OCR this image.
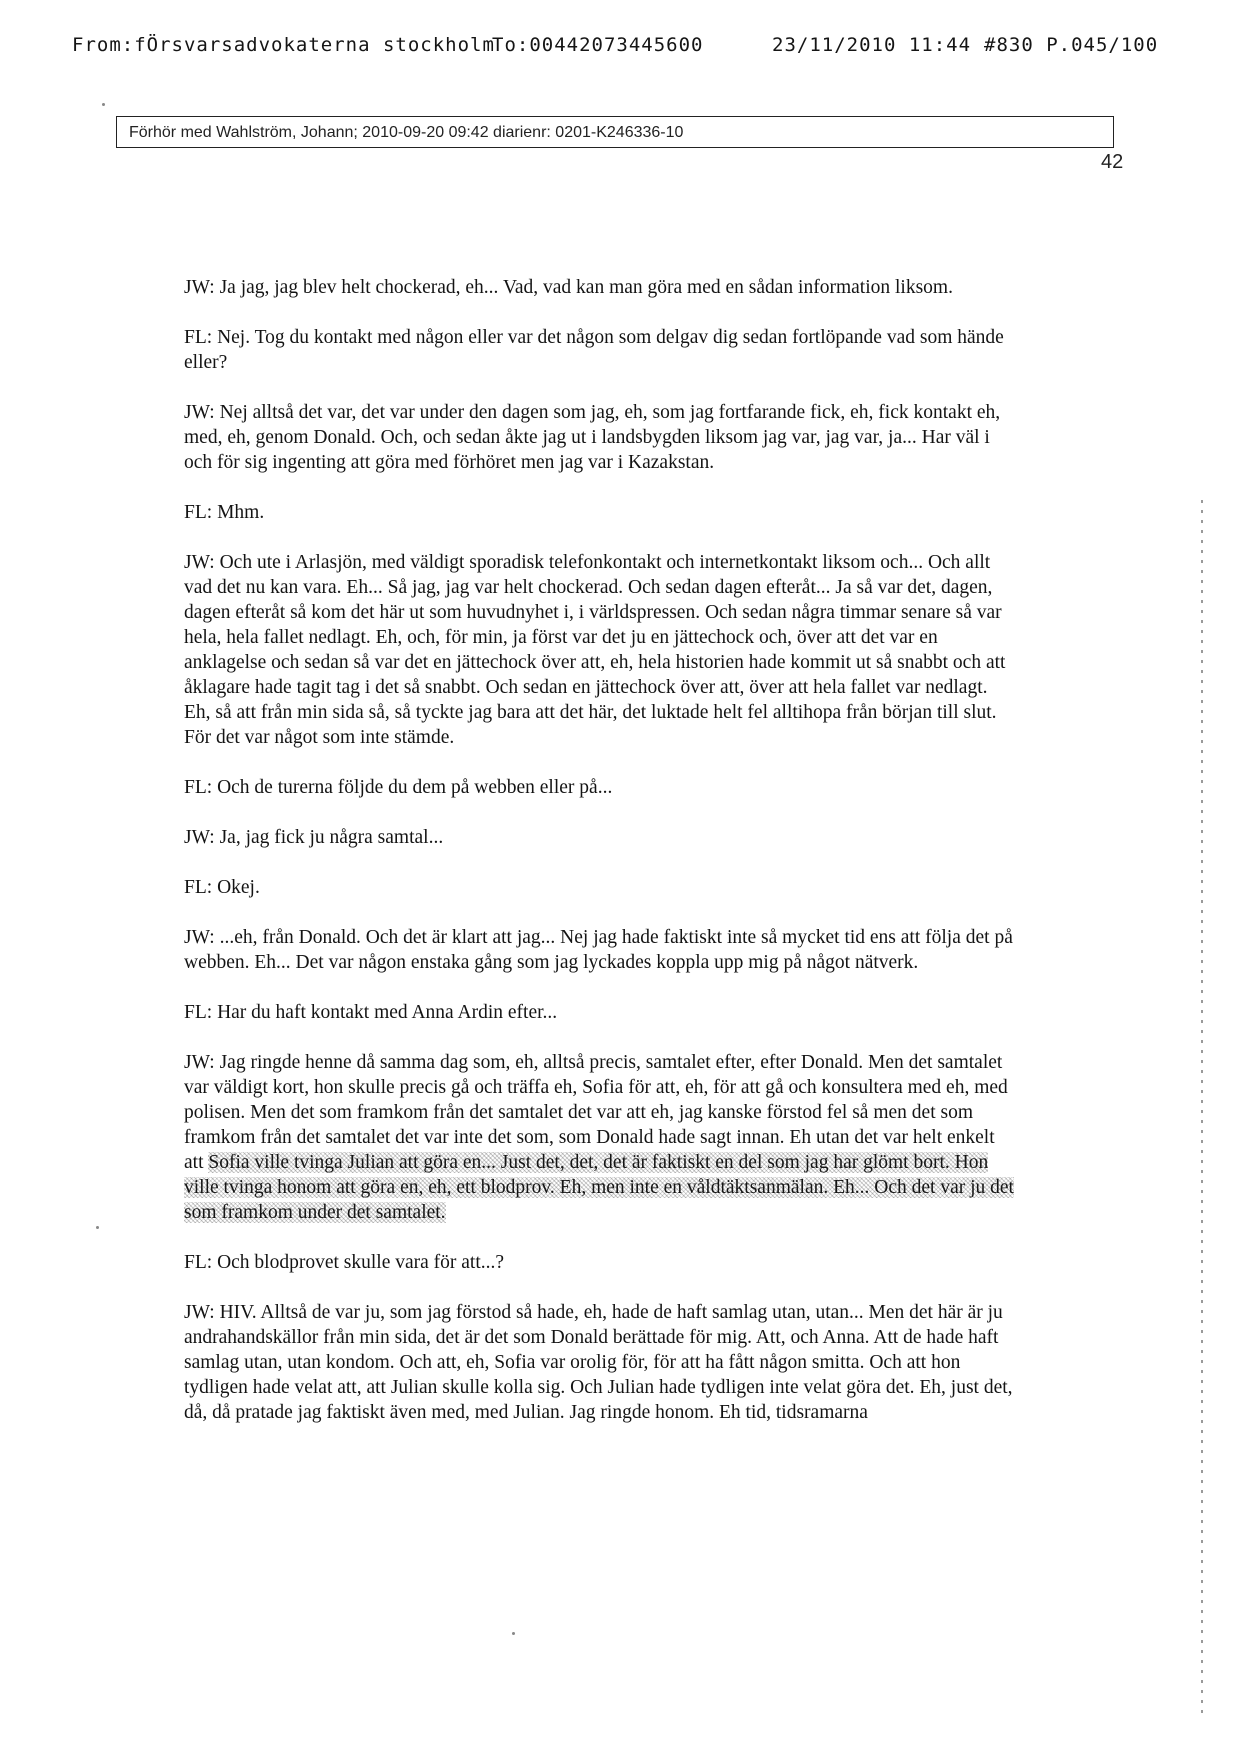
From:fÖrsvarsadvokaterna stockholm
To:00442073445600	23/11/2010 11:44 #830 P.045/100
Förhör med Wahlström, Johann; 2010-09-20 09:42 diarienr: 0201-K246336-10
42

JW : Ja jag, jag blev helt chockerad, eh... Vad, vad kan man göra med en sådan information liksom.

FL : Nej. Tog du kontakt med någon eller var det någon som delgav dig sedan fortlöpande vad som hände eller?

JW : Nej alltså det var, det var under den dagen som jag, eh, som jag fortfarande fick, eh, fick kontakt eh, med, eh, genom Donald. Och, och sedan åkte jag ut i landsbygden liksom jag var, jag var, ja... Har väl i och för sig ingenting att göra med förhöret men jag var i Kazakstan.

FL : Mhm.

JW : Och ute i Arlasjön, med väldigt sporadisk telefonkontakt och internetkontakt liksom och... Och allt vad det nu kan vara. Eh... Så jag, jag var helt chockerad. Och sedan dagen efteråt... Ja så var det, dagen, dagen efteråt så kom det här ut som huvudnyhet i, i världspressen. Och sedan några timmar senare så var hela, hela fallet nedlagt. Eh, och, för min, ja först var det ju en jättechock och, över att det var en anklagelse och sedan så var det en jättechock över att, eh, hela historien hade kommit ut så snabbt och att åklagare hade tagit tag i det så snabbt. Och sedan en jättechock över att, över att hela fallet var nedlagt. Eh, så att från min sida så, så tyckte jag bara att det här, det luktade helt fel alltihopa från början till slut. För det var något som inte stämde.

FL : Och de turerna följde du dem på webben eller på...

JW : Ja, jag fick ju några samtal...

FL : Okej.

JW : ...eh, från Donald. Och det är klart att jag... Nej jag hade faktiskt inte så mycket tid ens att följa det på webben. Eh... Det var någon enstaka gång som jag lyckades koppla upp mig på något nätverk.

FL : Har du haft kontakt med Anna Ardin efter...

JW : Jag ringde henne då samma dag som, eh, alltså precis, samtalet efter, efter Donald. Men det samtalet var väldigt kort, hon skulle precis gå och träffa eh, Sofia för att, eh, för att gå och konsultera med eh, med polisen. Men det som framkom från det samtalet det var att eh, jag kanske förstod fel så men det som framkom från det samtalet det var inte det som, som Donald hade sagt innan. Eh utan det var helt enkelt att Sofia ville tvinga Julian att göra en... Just det, det, det är faktiskt en del som jag har glömt bort. Hon ville tvinga honom att göra en, eh, ett blodprov. Eh, men inte en våldtäktsanmälan. Eh... Och det var ju det som framkom under det samtalet.

FL : Och blodprovet skulle vara för att...?

JW : HIV. Alltså de var ju, som jag förstod så hade, eh, hade de haft samlag utan, utan... Men det här är ju andrahandskällor från min sida, det är det som Donald berättade för mig. Att, och Anna. Att de hade haft samlag utan, utan kondom. Och att, eh, Sofia var orolig för, för att ha fått någon smitta. Och att hon tydligen hade velat att, att Julian skulle kolla sig. Och Julian hade tydligen inte velat göra det. Eh, just det, då, då pratade jag faktiskt även med, med Julian. Jag ringde honom. Eh tid, tidsramarna
